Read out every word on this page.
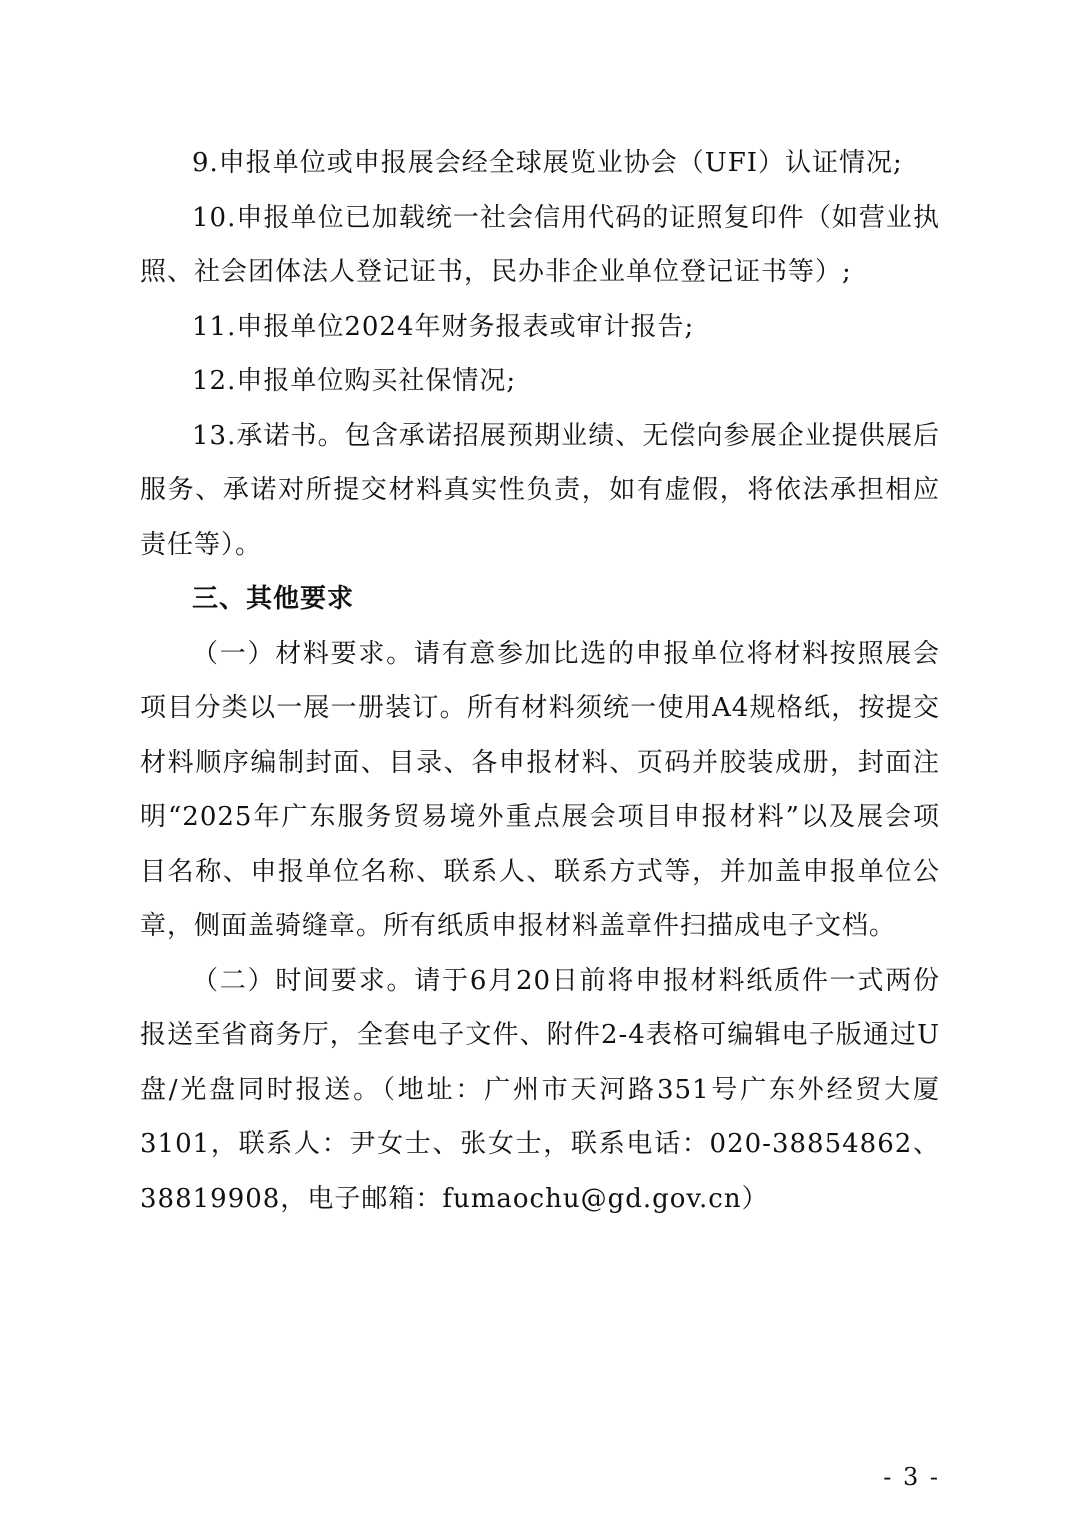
9.申报单位或申报展会经全球展览业协会（UFI）认证情况;

10.申报单位已加载统一社会信用代码的证照复印件（如营业执照、社会团体法人登记证书，民办非企业单位登记证书等）;

11.申报单位2024年财务报表或审计报告;

12.申报单位购买社保情况;

13.承诺书。包含承诺招展预期业绩、无偿向参展企业提供展后服务、承诺对所提交材料真实性负责，如有虚假，将依法承担相应责任等）。

三、其他要求

（一）材料要求。请有意参加比选的申报单位将材料按照展会项目分类以一展一册装订。所有材料须统一使用A4规格纸，按提交材料顺序编制封面、目录、各申报材料、页码并胶装成册，封面注明“2025年广东服务贸易境外重点展会项目申报材料”以及展会项目名称、申报单位名称、联系人、联系方式等，并加盖申报单位公章，侧面盖骑缝章。所有纸质申报材料盖章件扫描成电子文档。

（二）时间要求。请于6月20日前将申报材料纸质件一式两份报送至省商务厅，全套电子文件、附件2-4表格可编辑电子版通过U盘/光盘同时报送。（地址：广州市天河路351号广东外经贸大厦3101，联系人：尹女士、张女士，联系电话：020-38854862、38819908，电子邮箱：fumaochu@gd.gov.cn）

- 3 -
